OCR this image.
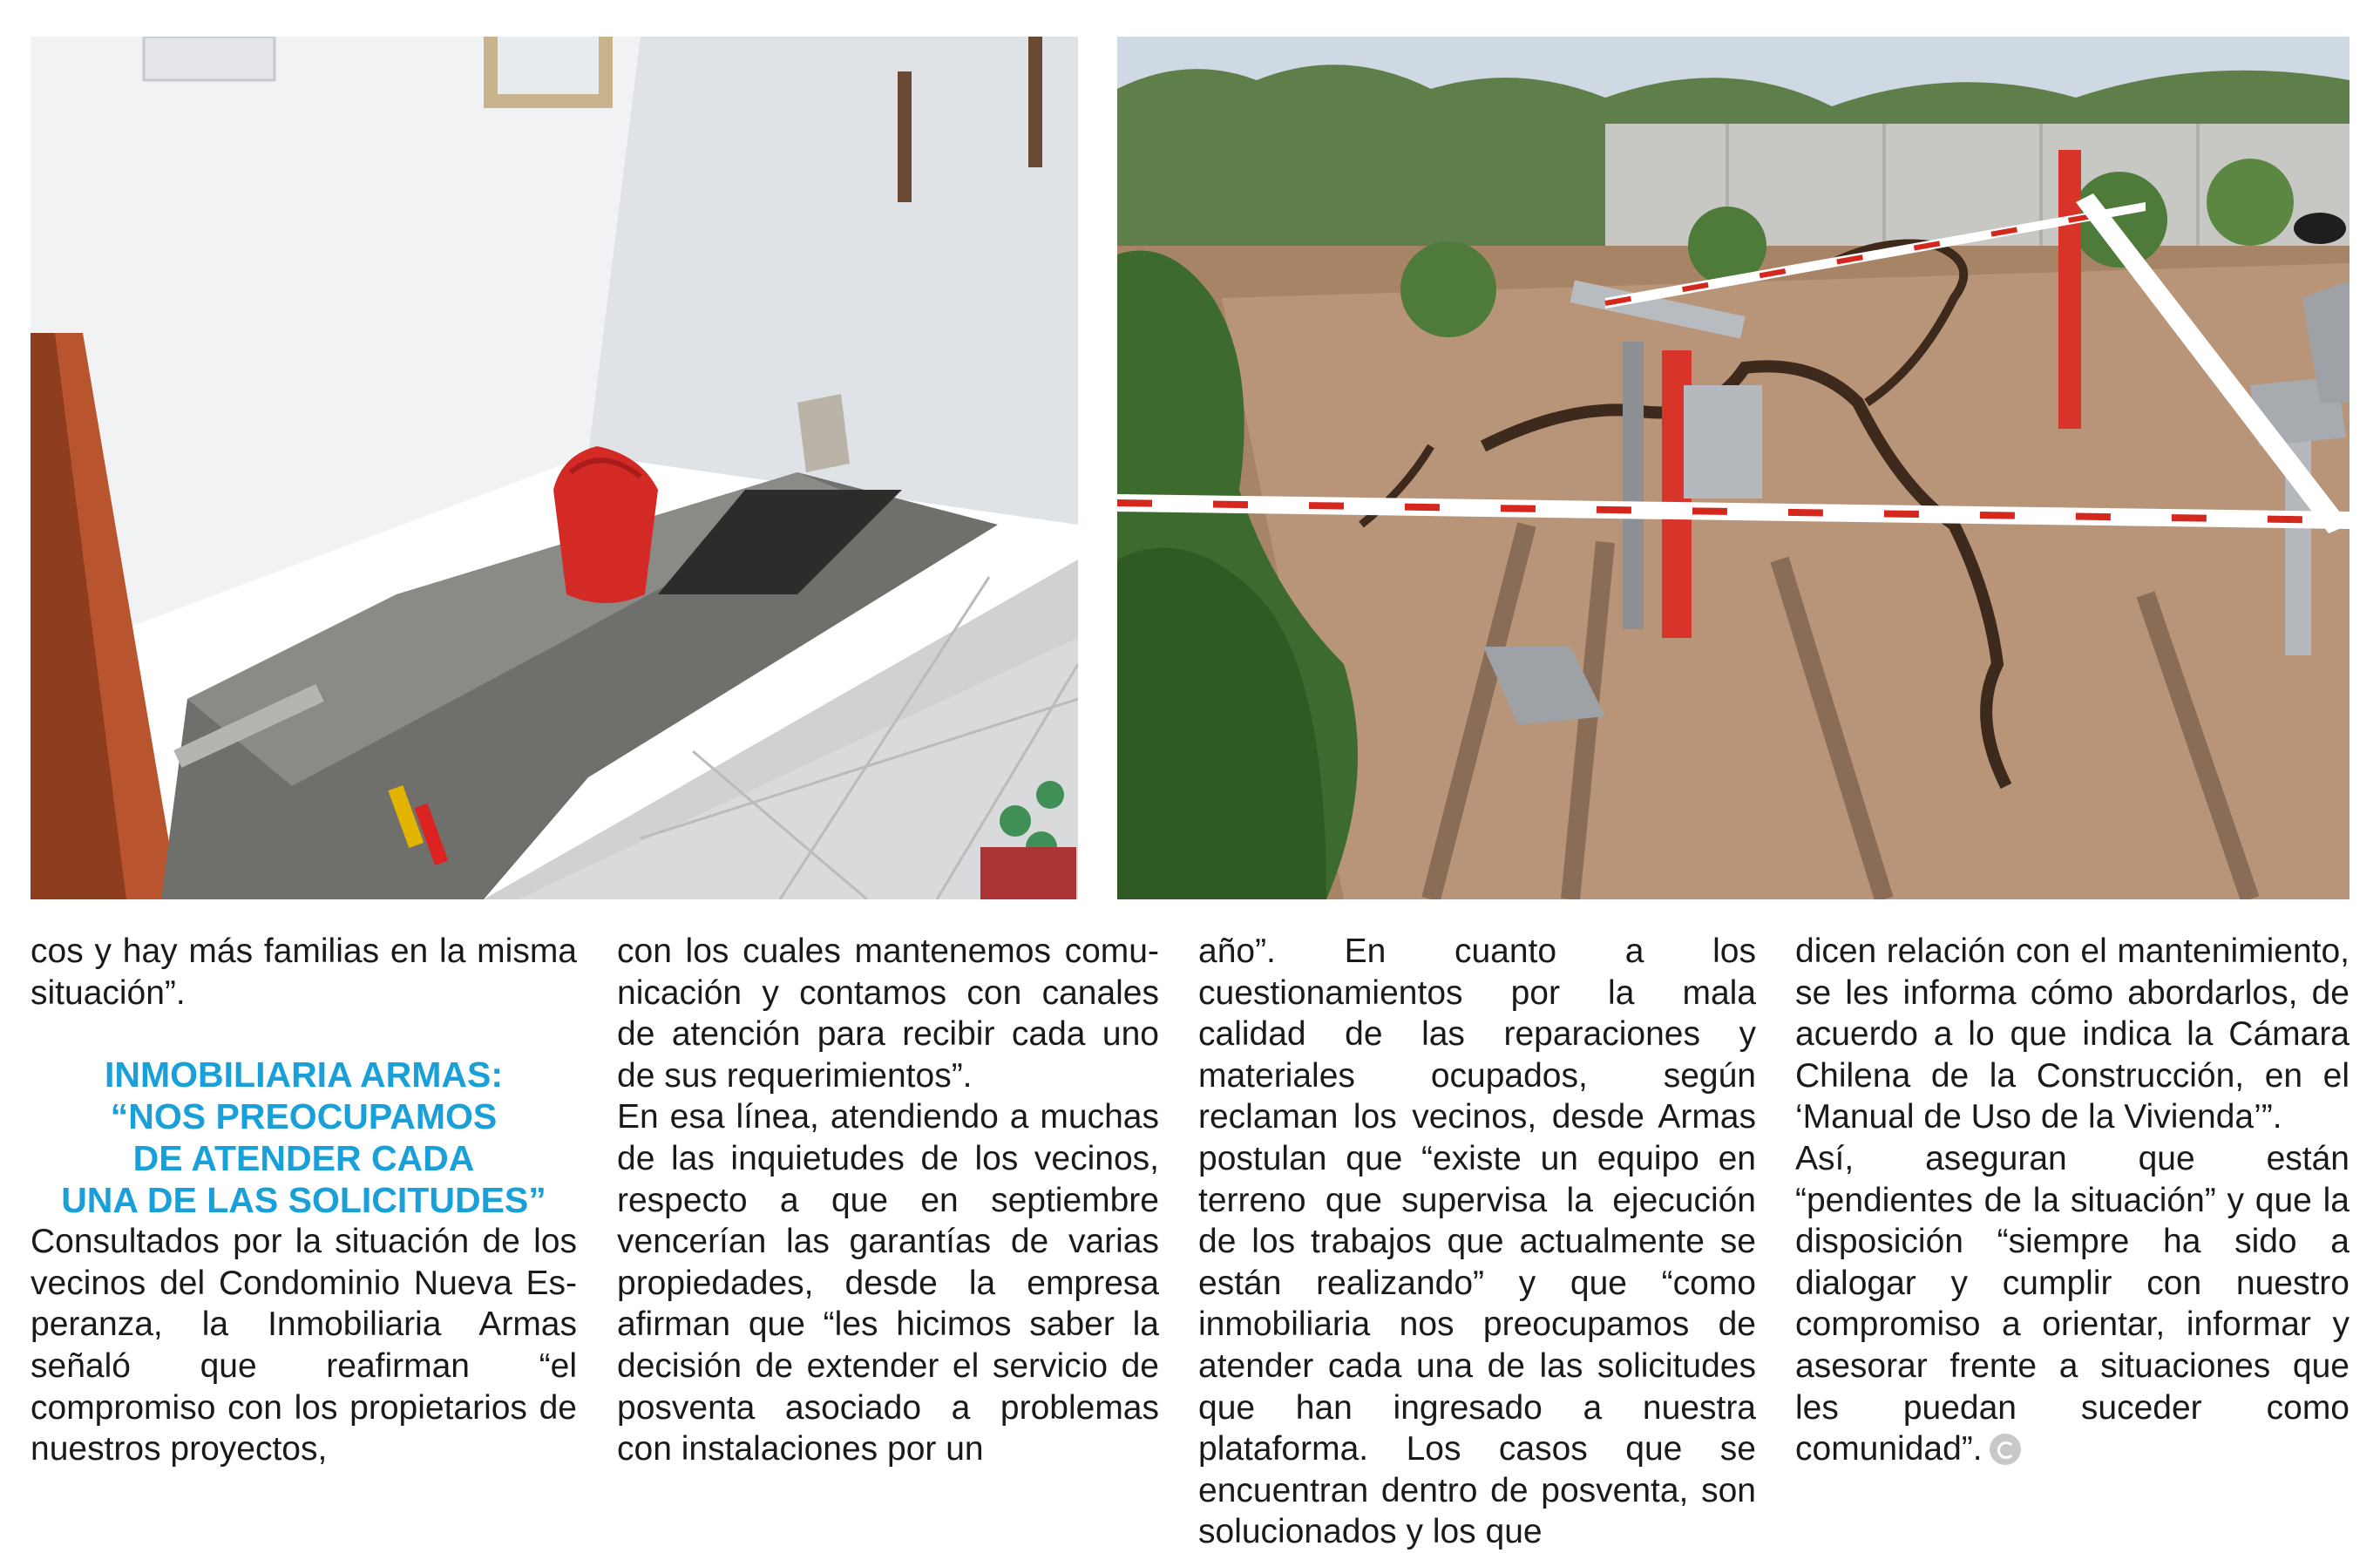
cos y hay más familias en la misma situación”.

INMOBILIARIA ARMAS:
“NOS PREOCUPAMOS
DE ATENDER CADA
UNA DE LAS SOLICITUDES”

Consultados por la situación de los vecinos del Condominio Nueva Esperanza, la Inmobiliaria Armas señaló que reafirman “el compromiso con los propietarios de nuestros proyectos,

con los cuales mantenemos comunicación y contamos con canales de atención para recibir cada uno de sus requerimientos”.

En esa línea, atendiendo a muchas de las inquietudes de los vecinos, respecto a que en septiembre vencerían las garantías de varias propiedades, desde la empresa afirman que “les hicimos saber la decisión de extender el servicio de posventa asociado a problemas con instalaciones por un

año”. En cuanto a los cuestionamientos por la mala calidad de las reparaciones y materiales ocupados, según reclaman los vecinos, desde Armas postulan que “existe un equipo en terreno que supervisa la ejecución de los trabajos que actualmente se están realizando” y que “como inmobiliaria nos preocupamos de atender cada una de las solicitudes que han ingresado a nuestra plataforma. Los casos que se encuentran dentro de posventa, son solucionados y los que

dicen relación con el mantenimiento, se les informa cómo abordarlos, de acuerdo a lo que indica la Cámara Chilena de la Construcción, en el ‘Manual de Uso de la Vivienda’”.

Así, aseguran que están “pendientes de la situación” y que la disposición “siempre ha sido a dialogar y cumplir con nuestro compromiso a orientar, informar y asesorar frente a situaciones que les puedan suceder como comunidad”.
